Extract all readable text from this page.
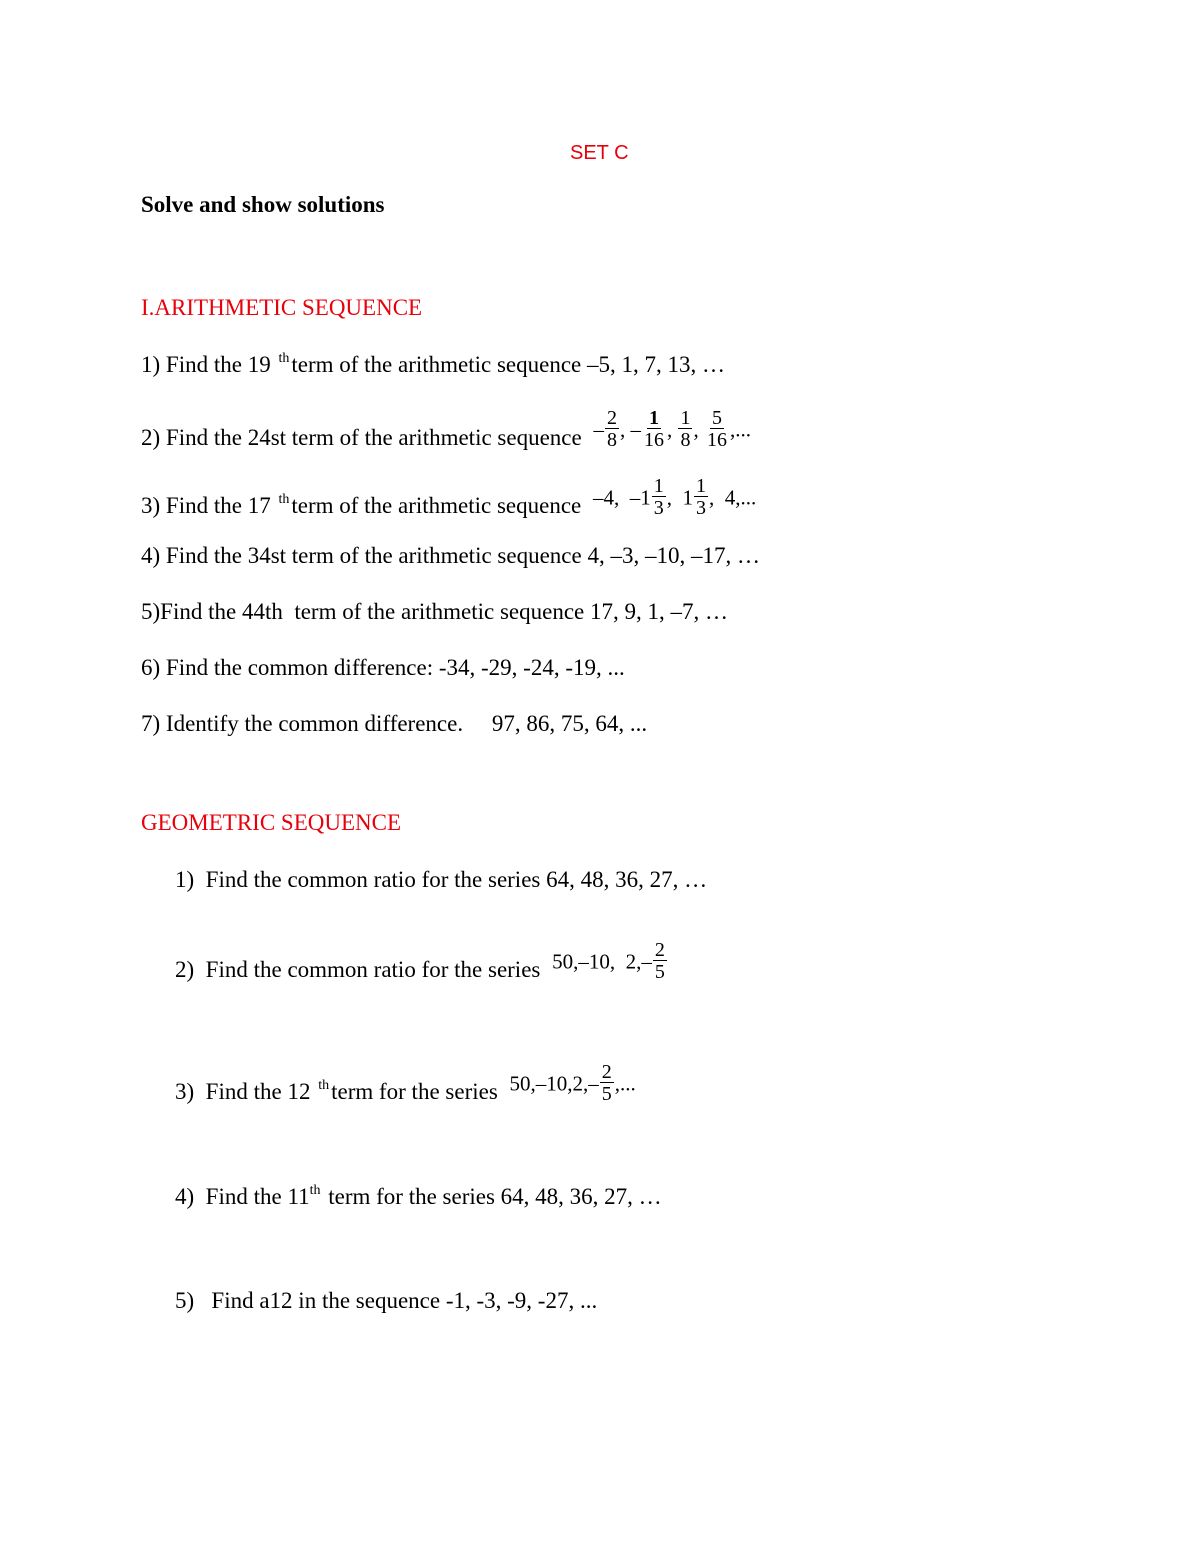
SET C
Solve and show solutions
I.ARITHMETIC SEQUENCE
1) Find the 19 $^{th}$term of the arithmetic sequence –5, 1, 7, 13, …
2) Find the 24st term of the arithmetic sequence – $\frac{2}{8}$ , – $\frac{1}{16}$ , $\frac{1}{8}$ , $\frac{5}{16}$ ,...
3) Find the 17 $^{th}$term of the arithmetic sequence –4,  $-1 \frac{1}{3}$ ,  $1 \frac{1}{3}$ ,  4,...
4) Find the 34st term of the arithmetic sequence 4, –3, –10, –17, …
5)Find the 44th  term of the arithmetic sequence 17, 9, 1, –7, …
6) Find the common difference: -34, -29, -24, -19, ...
7) Identify the common difference.     97, 86, 75, 64, ...
GEOMETRIC SEQUENCE
1)  Find the common ratio for the series 64, 48, 36, 27, …
2)  Find the common ratio for the series 50,–10,  $2,- \frac{2}{5}$
3)  Find the 12 $^{th}$term for the series $50,-10,2,- \frac{2}{5}$ ,...
4)  Find the 11th term for the series 64, 48, 36, 27, …
5)   Find a12 in the sequence -1, -3, -9, -27, ...
